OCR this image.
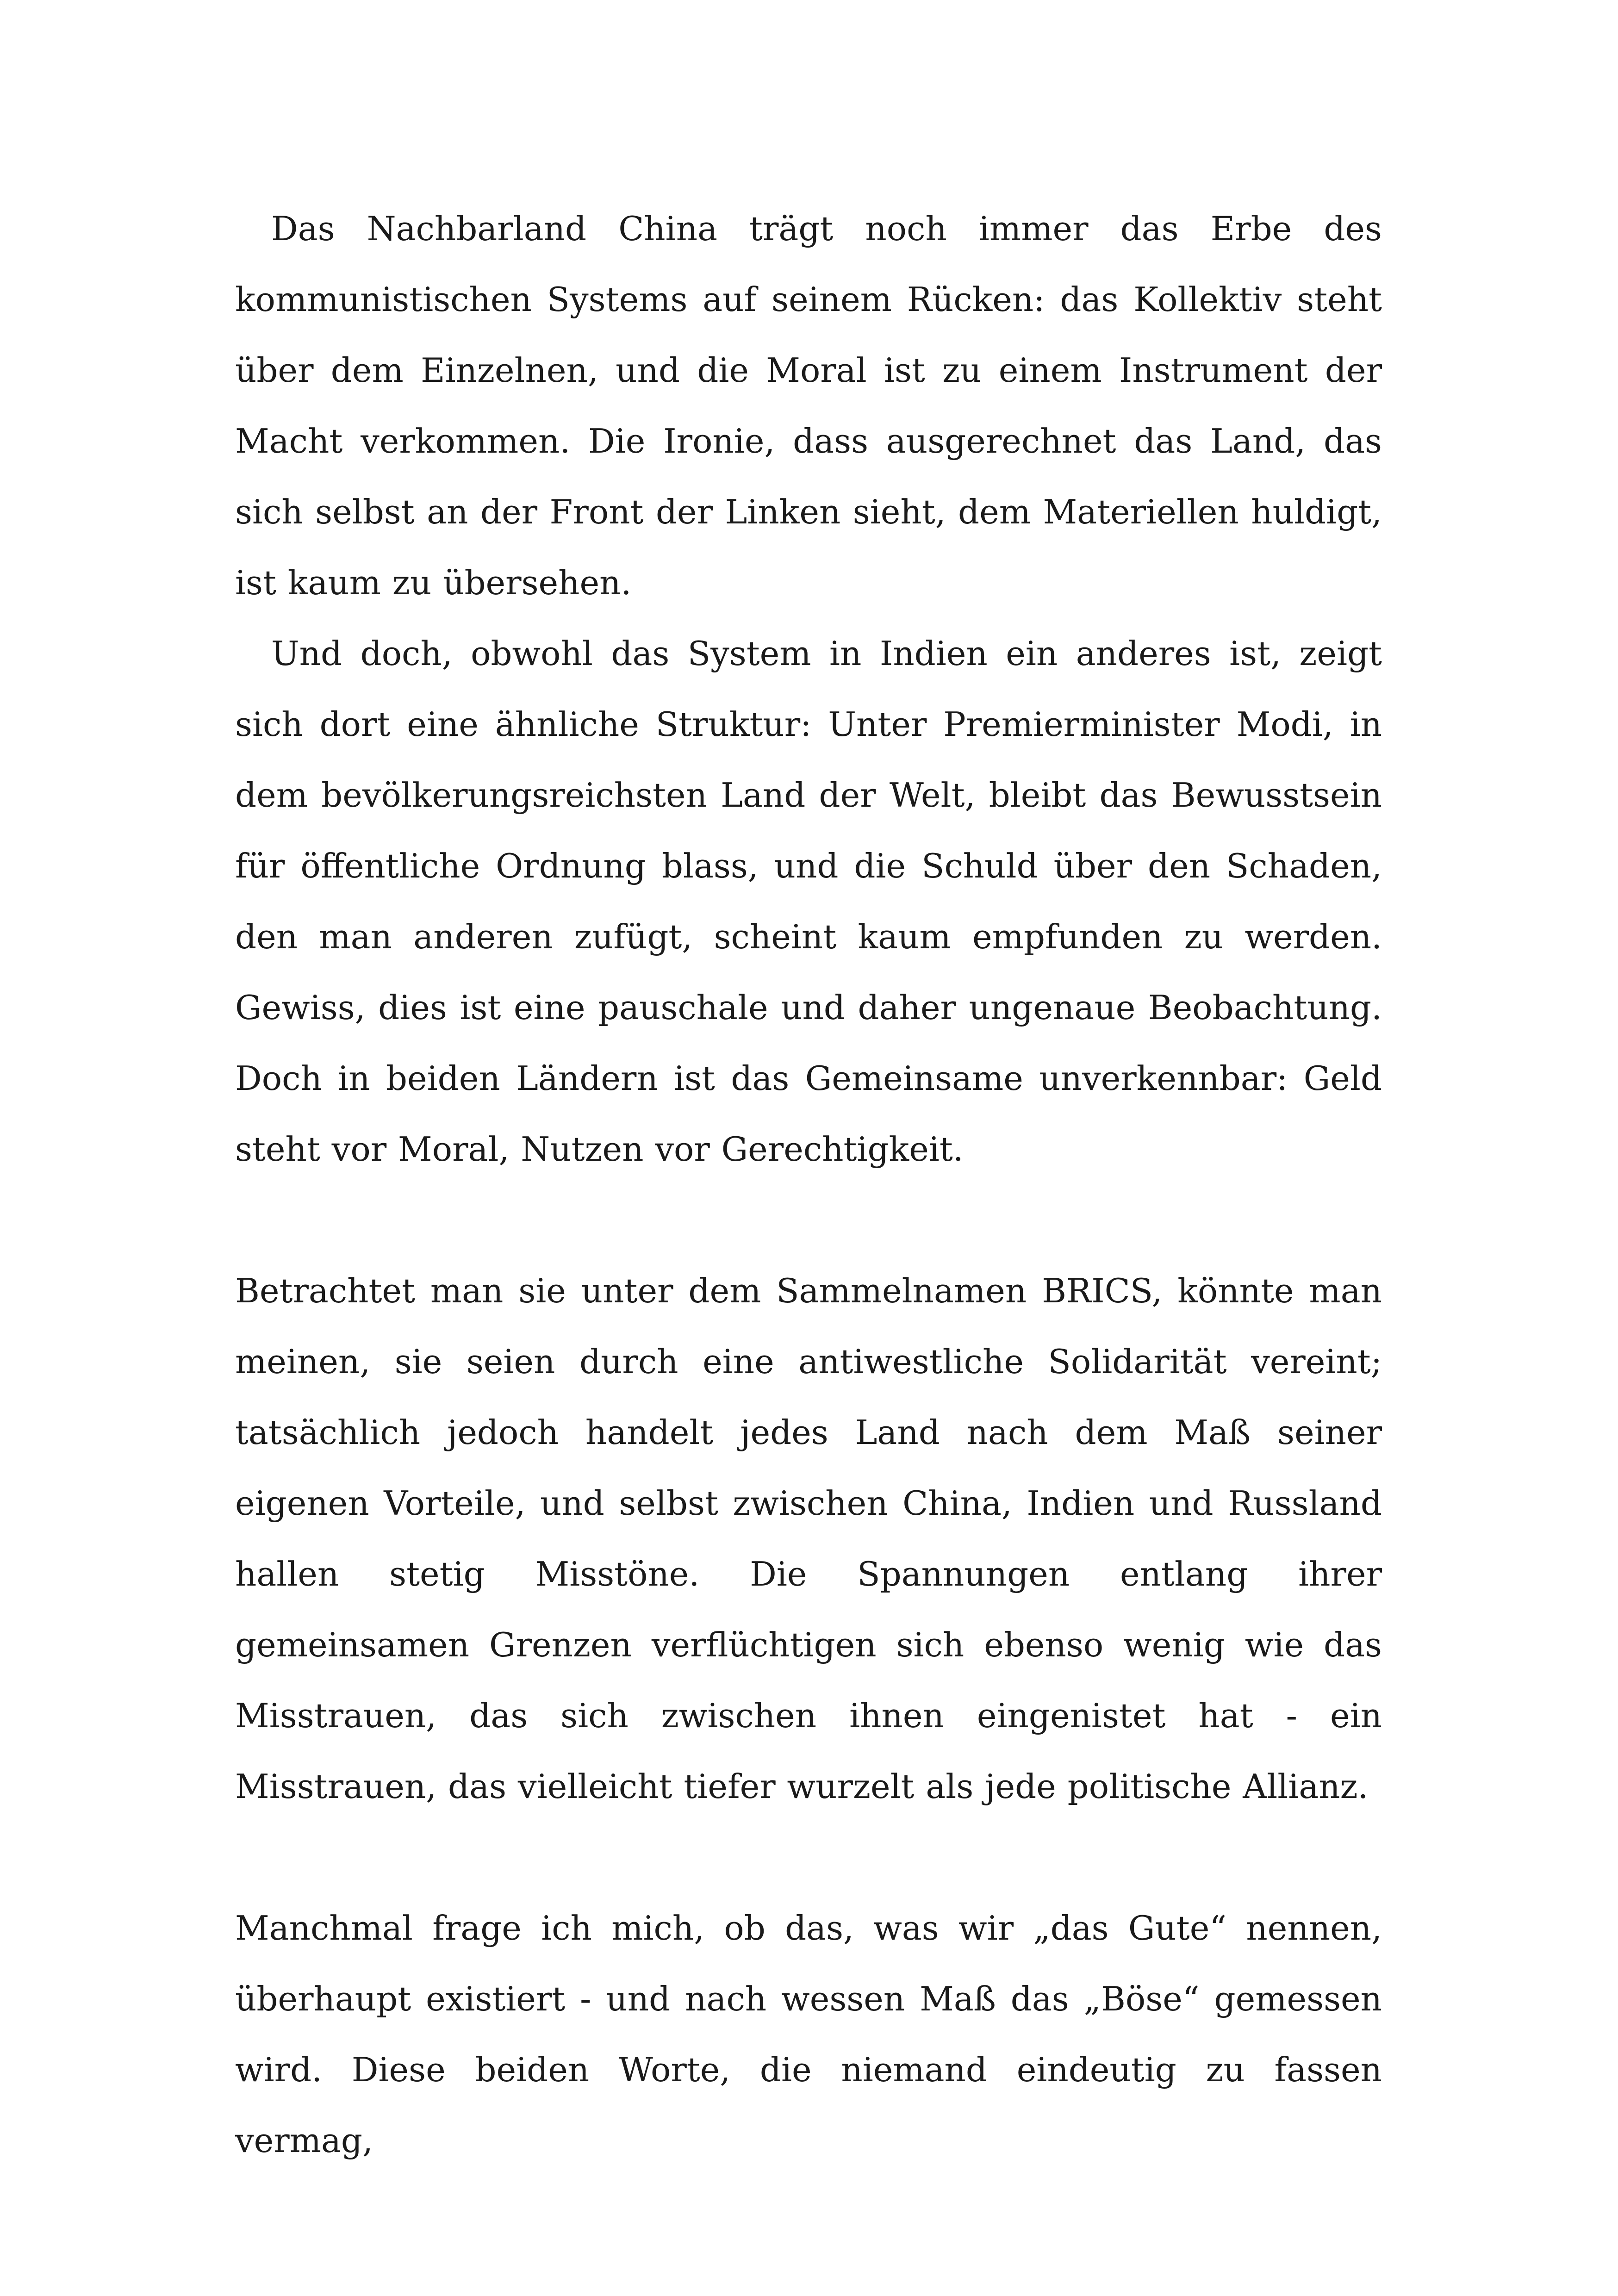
Das Nachbarland China trägt noch immer das Erbe des kommunistischen Systems auf seinem Rücken: das Kollektiv steht über dem Einzelnen, und die Moral ist zu einem Instrument der Macht verkommen. Die Ironie, dass ausgerechnet das Land, das sich selbst an der Front der Linken sieht, dem Materiellen huldigt, ist kaum zu übersehen.

Und doch, obwohl das System in Indien ein anderes ist, zeigt sich dort eine ähnliche Struktur: Unter Premierminister Modi, in dem bevölkerungsreichsten Land der Welt, bleibt das Bewusstsein für öffentliche Ordnung blass, und die Schuld über den Schaden, den man anderen zufügt, scheint kaum empfunden zu werden. Gewiss, dies ist eine pauschale und daher ungenaue Beobachtung. Doch in beiden Ländern ist das Gemeinsame unverkennbar: Geld steht vor Moral, Nutzen vor Gerechtigkeit.

Betrachtet man sie unter dem Sammelnamen BRICS, könnte man meinen, sie seien durch eine antiwestliche Solidarität vereint; tatsächlich jedoch handelt jedes Land nach dem Maß seiner eigenen Vorteile, und selbst zwischen China, Indien und Russland hallen stetig Misstöne. Die Spannungen entlang ihrer gemeinsamen Grenzen verflüchtigen sich ebenso wenig wie das Misstrauen, das sich zwischen ihnen eingenistet hat - ein Misstrauen, das vielleicht tiefer wurzelt als jede politische Allianz.

Manchmal frage ich mich, ob das, was wir „das Gute“ nennen, überhaupt existiert - und nach wessen Maß das „Böse“ gemessen wird. Diese beiden Worte, die niemand eindeutig zu fassen vermag,
